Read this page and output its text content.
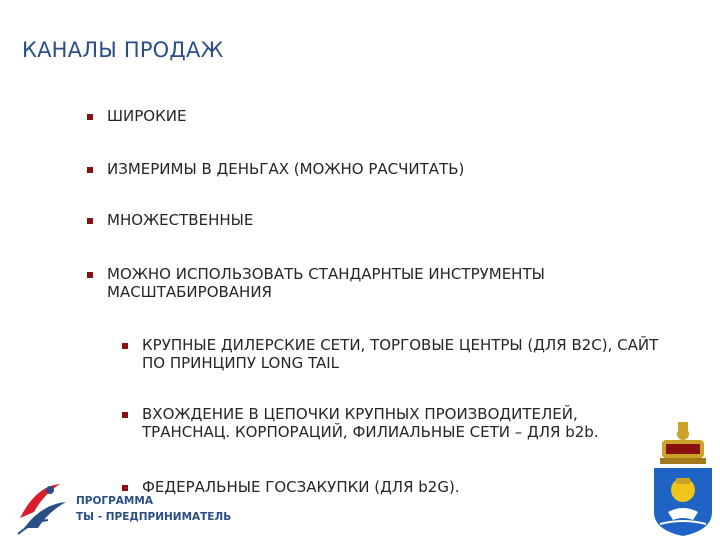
КАНАЛЫ ПРОДАЖ
ШИРОКИЕ
ИЗМЕРИМЫ В ДЕНЬГАХ (МОЖНО РАСЧИТАТЬ)
МНОЖЕСТВЕННЫЕ
МОЖНО ИСПОЛЬЗОВАТЬ СТАНДАРНТЫЕ ИНСТРУМЕНТЫ МАСШТАБИРОВАНИЯ
КРУПНЫЕ ДИЛЕРСКИЕ СЕТИ, ТОРГОВЫЕ ЦЕНТРЫ (ДЛЯ B2C), САЙТ ПО ПРИНЦИПУ LONG TAIL
ВХОЖДЕНИЕ В ЦЕПОЧКИ КРУПНЫХ ПРОИЗВОДИТЕЛЕЙ, ТРАНСНАЦ. КОРПОРАЦИЙ, ФИЛИАЛЬНЫЕ СЕТИ – ДЛЯ b2b.
ФЕДЕРАЛЬНЫЕ ГОСЗАКУПКИ (ДЛЯ b2G).
ПРОГРАММА
ТЫ - ПРЕДПРИНИМАТЕЛЬ
